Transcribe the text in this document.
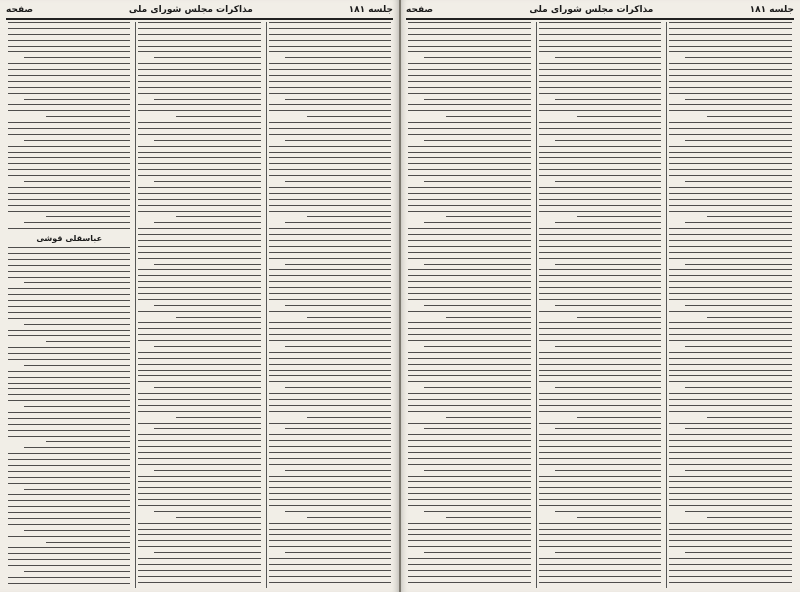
جلسه ۱۸۱
مذاکرات مجلس شورای ملی
صفحه
عباسقلی قوشی
جلسه ۱۸۱
مذاکرات مجلس شورای ملی
صفحه
